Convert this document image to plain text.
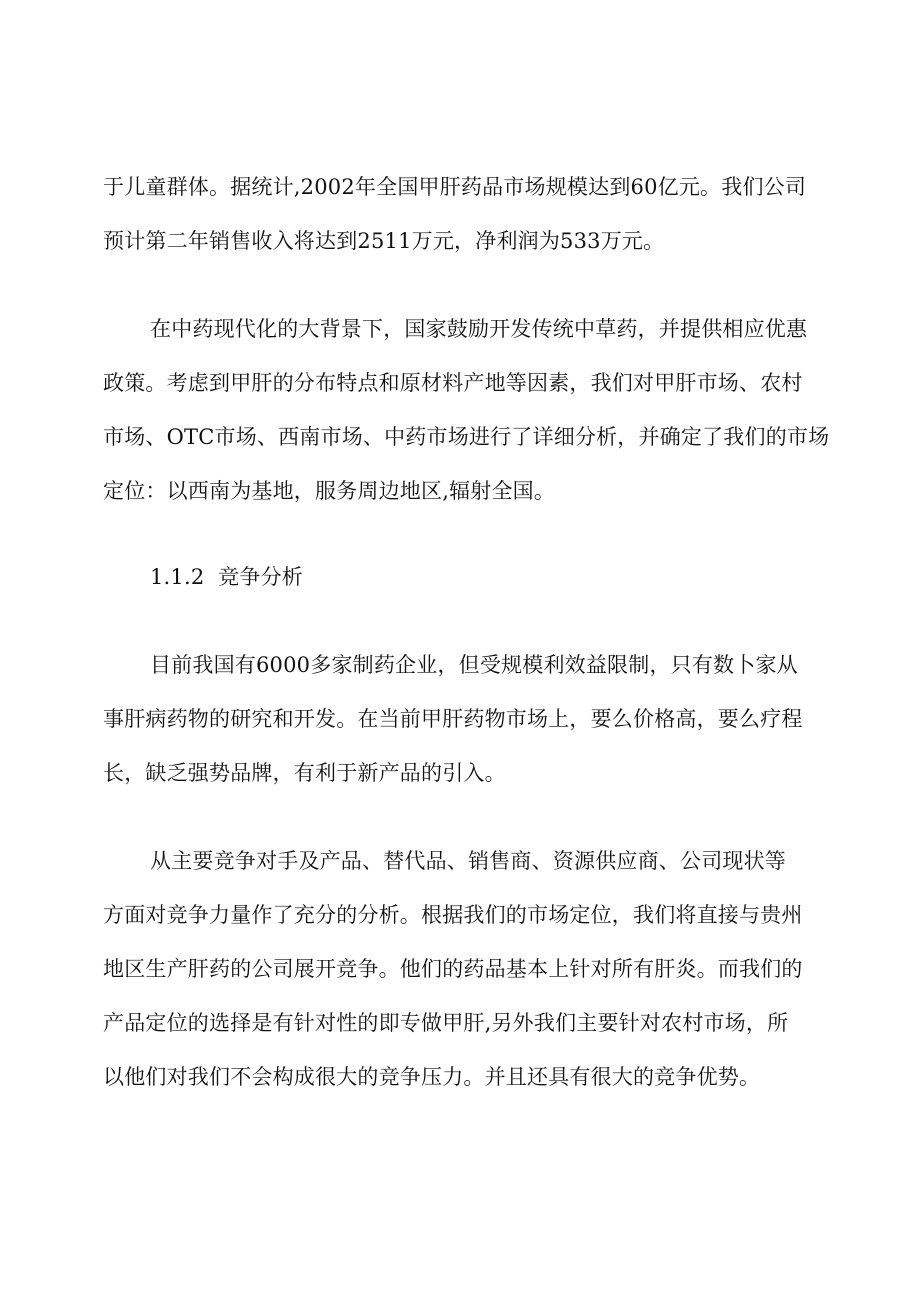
于儿童群体。据统计,2002年全国甲肝药品市场规模达到60亿元。我们公司
预计第二年销售收入将达到2511万元，净利润为533万元。
在中药现代化的大背景下，国家鼓励开发传统中草药，并提供相应优惠
政策。考虑到甲肝的分布特点和原材料产地等因素，我们对甲肝市场、农村
市场、OTC市场、西南市场、中药市场进行了详细分析，并确定了我们的市场
定位：以西南为基地，服务周边地区,辐射全国。
1.1.2  竞争分析
目前我国有6000多家制药企业，但受规模利效益限制，只有数卜家从
事肝病药物的研究和开发。在当前甲肝药物市场上，要么价格高，要么疗程
长，缺乏强势品牌，有利于新产品的引入。
从主要竞争对手及产品、替代品、销售商、资源供应商、公司现状等
方面对竞争力量作了充分的分析。根据我们的市场定位，我们将直接与贵州
地区生产肝药的公司展开竞争。他们的药品基本上针对所有肝炎。而我们的
产品定位的选择是有针对性的即专做甲肝,另外我们主要针对农村市场，所
以他们对我们不会构成很大的竞争压力。并且还具有很大的竞争优势。
